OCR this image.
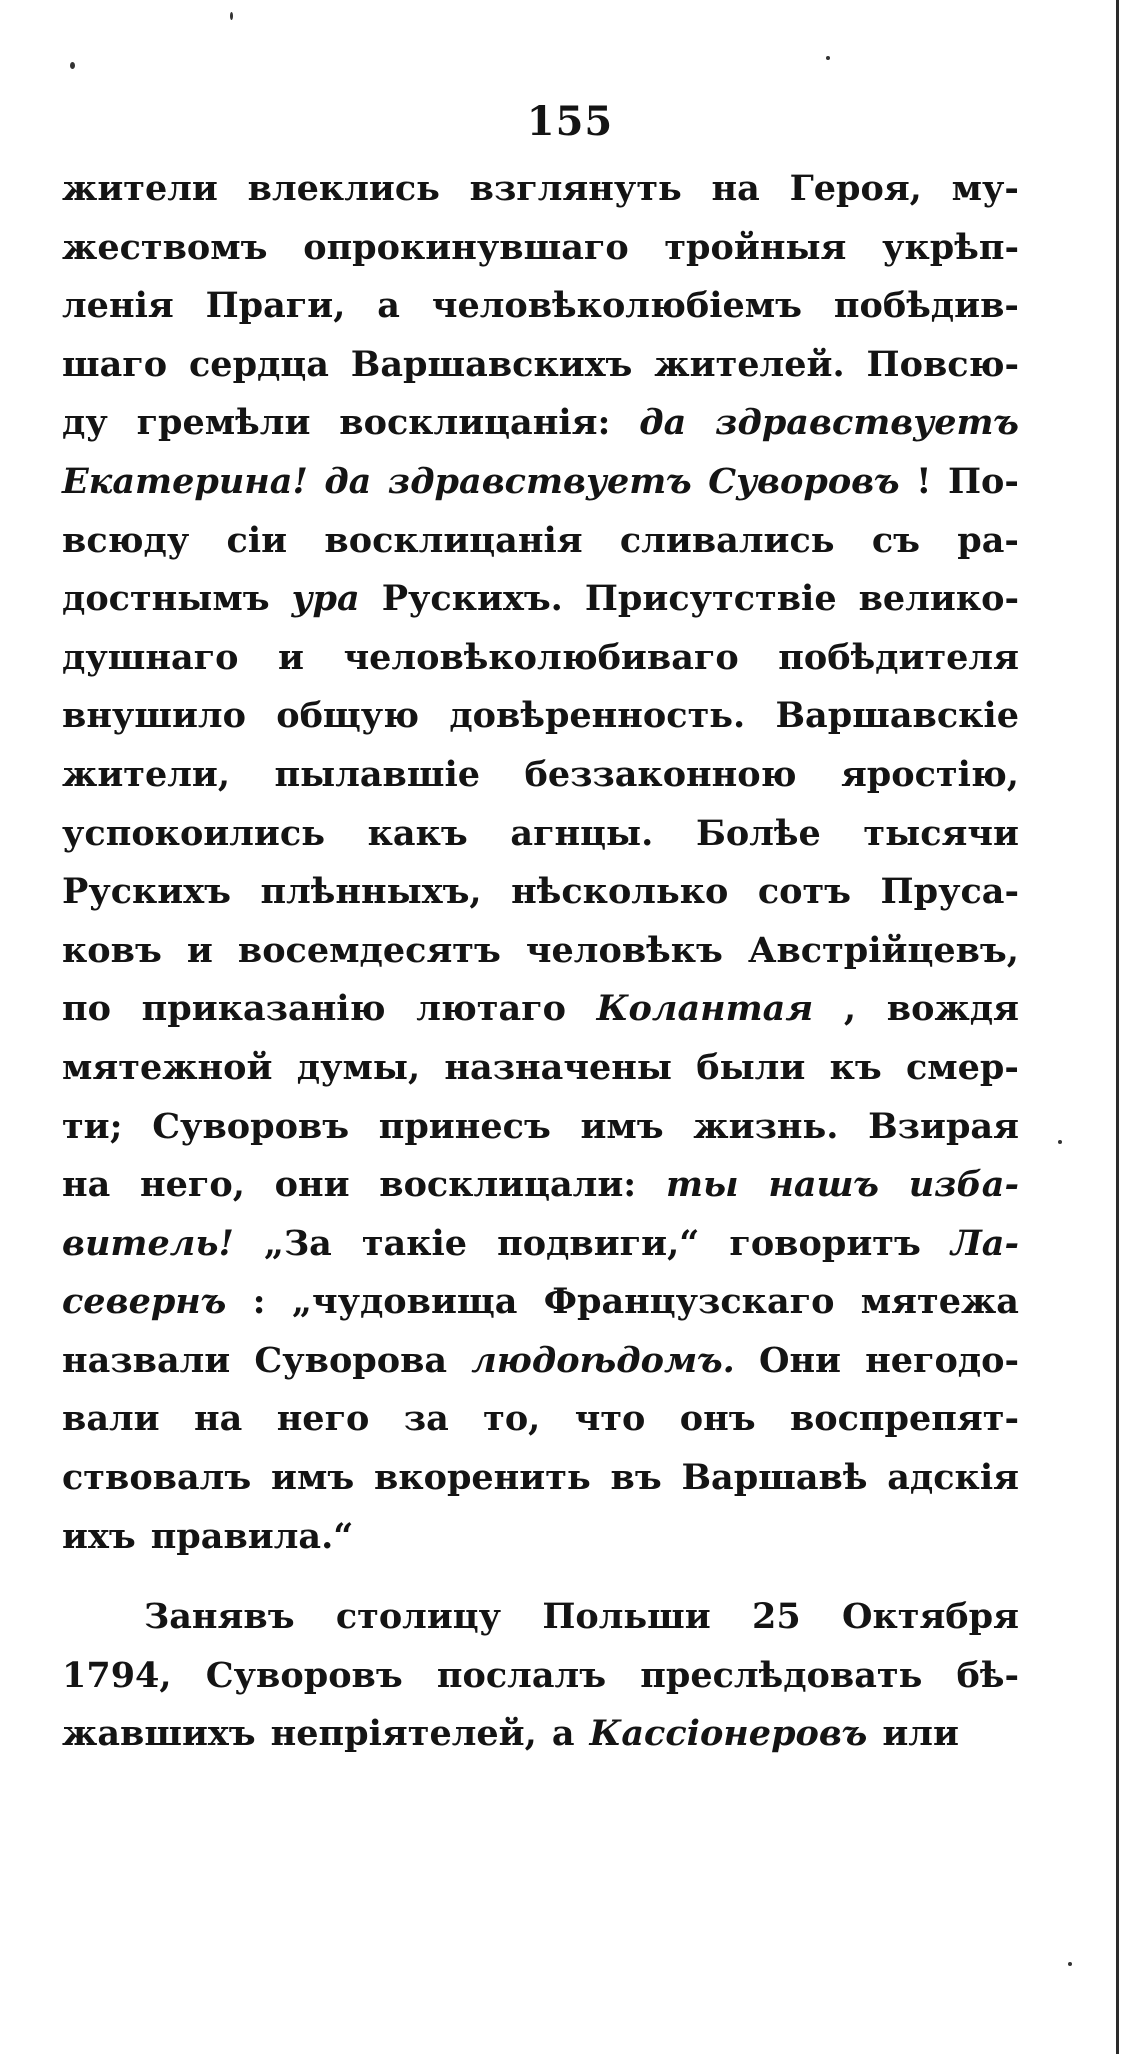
155
жители влеклись взглянуть на Героя, му-
жествомъ опрокинувшаго тройныя укрѣп-
ленія Праги, а человѣколюбіемъ побѣдив-
шаго сердца Варшавскихъ жителей. Повсю-
ду гремѣли восклицанія: да здравствуетъ
Екатерина! да здравствуетъ Суворовъ ! По-
всюду сіи восклицанія сливались съ ра-
достнымъ ура Рускихъ. Присутствіе велико-
душнаго и человѣколюбиваго побѣдителя
внушило общую довѣренность. Варшавскіе
жители, пылавшіе беззаконною яростію,
успокоились какъ агнцы. Болѣе тысячи
Рускихъ плѣнныхъ, нѣсколько сотъ Пруса-
ковъ и восемдесятъ человѣкъ Австрійцевъ,
по приказанію лютаго Колантая , вождя
мятежной думы, назначены были къ смер-
ти; Суворовъ принесъ имъ жизнь. Взирая
на него, они восклицали: ты нашъ изба-
витель! „За такіе подвиги,“ говоритъ Ла-
севернъ : „чудовища Французскаго мятежа
назвали Суворова людоѣдомъ. Они негодо-
вали на него за то, что онъ воспрепят-
ствовалъ имъ вкоренить въ Варшавѣ адскія
ихъ правила.“
Занявъ столицу Польши 25 Октября
1794, Суворовъ послалъ преслѣдовать бѣ-
жавшихъ непріятелей, а Кассіонеровъ или
